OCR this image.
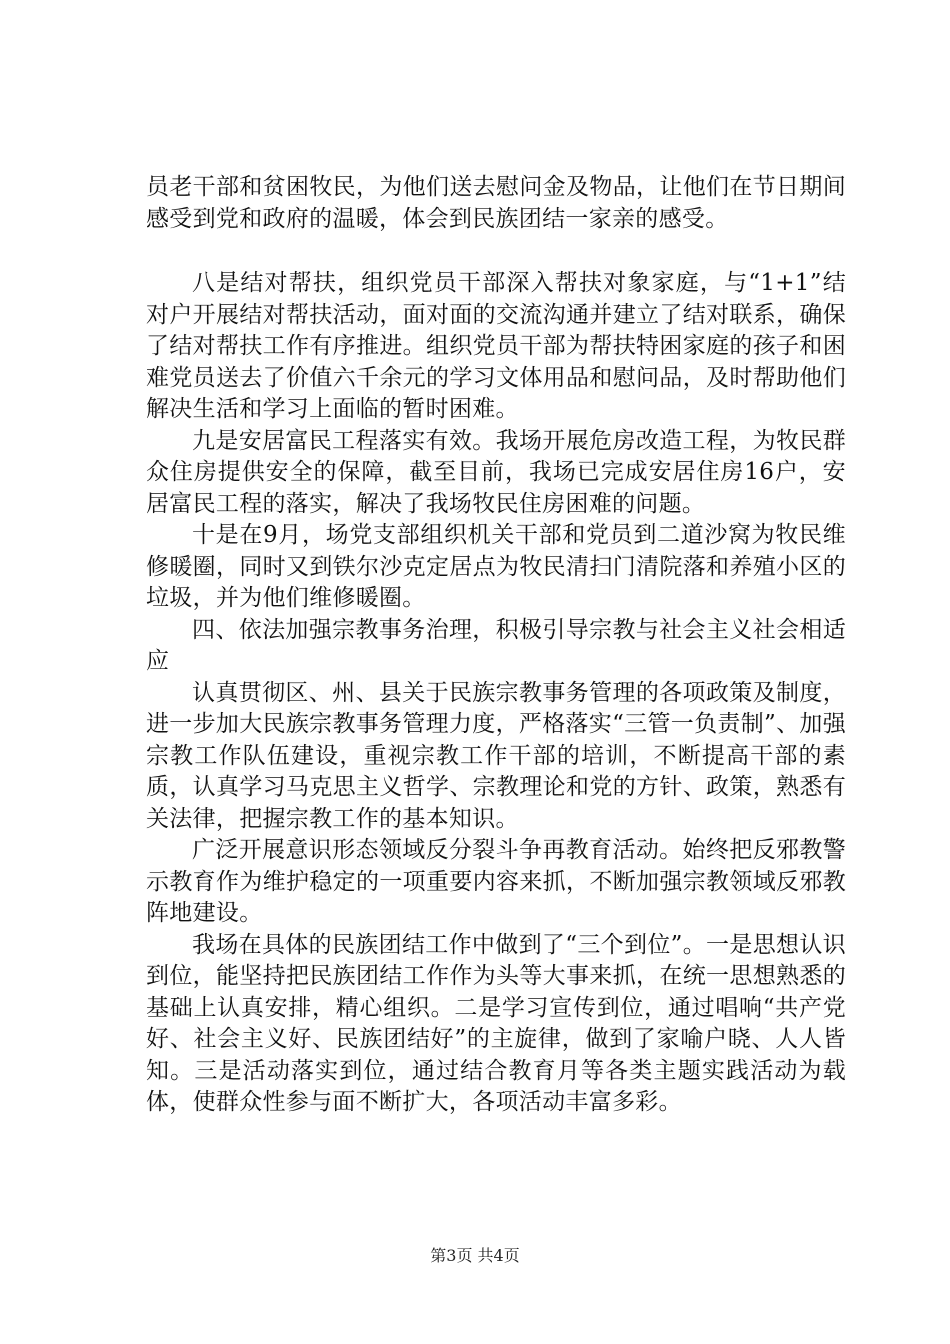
员老干部和贫困牧民，为他们送去慰问金及物品，让他们在节日期间感受到党和政府的温暖，体会到民族团结一家亲的感受。

八是结对帮扶，组织党员干部深入帮扶对象家庭，与“1+1”结对户开展结对帮扶活动，面对面的交流沟通并建立了结对联系，确保了结对帮扶工作有序推进。组织党员干部为帮扶特困家庭的孩子和困难党员送去了价值六千余元的学习文体用品和慰问品，及时帮助他们解决生活和学习上面临的暂时困难。

九是安居富民工程落实有效。我场开展危房改造工程，为牧民群众住房提供安全的保障，截至目前，我场已完成安居住房16户，安居富民工程的落实，解决了我场牧民住房困难的问题。

十是在9月，场党支部组织机关干部和党员到二道沙窝为牧民维修暖圈，同时又到铁尔沙克定居点为牧民清扫门清院落和养殖小区的垃圾，并为他们维修暖圈。

四、依法加强宗教事务治理，积极引导宗教与社会主义社会相适应

认真贯彻区、州、县关于民族宗教事务管理的各项政策及制度，进一步加大民族宗教事务管理力度，严格落实“三管一负责制”、加强宗教工作队伍建设，重视宗教工作干部的培训，不断提高干部的素质，认真学习马克思主义哲学、宗教理论和党的方针、政策，熟悉有关法律，把握宗教工作的基本知识。

广泛开展意识形态领域反分裂斗争再教育活动。始终把反邪教警示教育作为维护稳定的一项重要内容来抓，不断加强宗教领域反邪教阵地建设。

我场在具体的民族团结工作中做到了“三个到位”。一是思想认识到位，能坚持把民族团结工作作为头等大事来抓，在统一思想熟悉的基础上认真安排，精心组织。二是学习宣传到位，通过唱响“共产党好、社会主义好、民族团结好”的主旋律，做到了家喻户晓、人人皆知。三是活动落实到位，通过结合教育月等各类主题实践活动为载体，使群众性参与面不断扩大，各项活动丰富多彩。

第3页 共4页
